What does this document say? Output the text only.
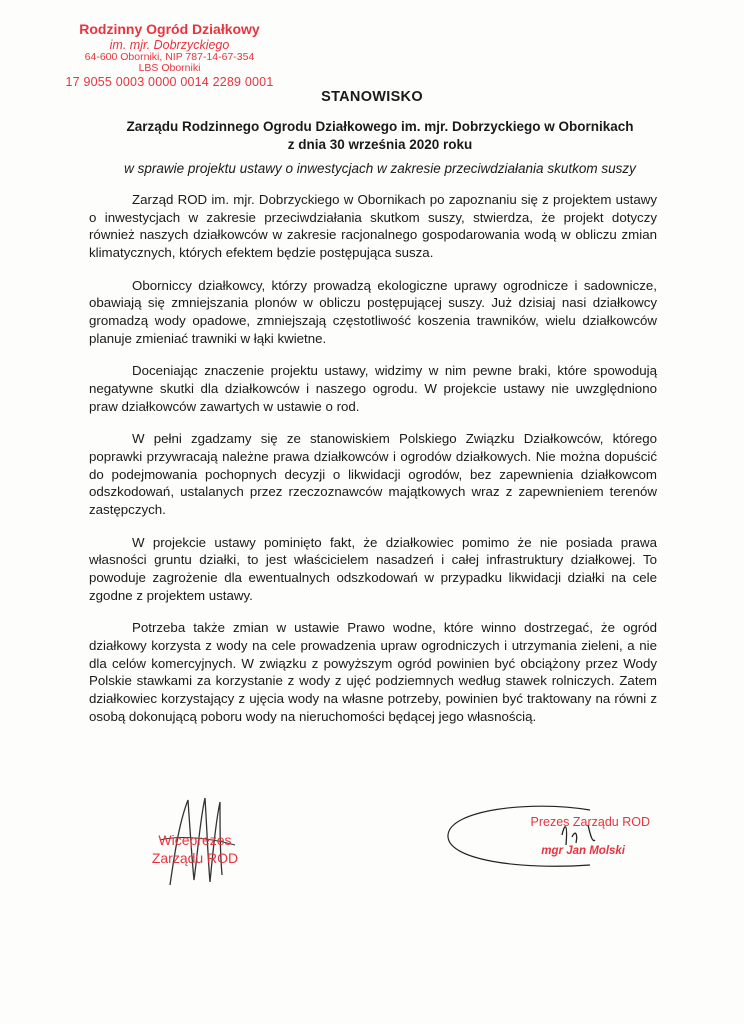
Rodzinny Ogród Działkowy
im. mjr. Dobrzyckiego
64-600 Oborniki, NIP 787-14-67-354
LBS Oborniki
17 9055 0003 0000 0014 2289 0001
STANOWISKO
Zarządu Rodzinnego Ogrodu Działkowego im. mjr. Dobrzyckiego w Obornikach
z dnia 30 września 2020 roku
w sprawie projektu ustawy o inwestycjach w zakresie przeciwdziałania skutkom suszy

Zarząd ROD im. mjr. Dobrzyckiego w Obornikach po zapoznaniu się z projektem ustawy o inwestycjach w zakresie przeciwdziałania skutkom suszy, stwierdza, że projekt dotyczy również naszych działkowców w zakresie racjonalnego gospodarowania wodą w obliczu zmian klimatycznych, których efektem będzie postępująca susza.

Oborniccy działkowcy, którzy prowadzą ekologiczne uprawy ogrodnicze i sadownicze, obawiają się zmniejszania plonów w obliczu postępującej suszy. Już dzisiaj nasi działkowcy gromadzą wody opadowe, zmniejszają częstotliwość koszenia trawników, wielu działkowców planuje zmieniać trawniki w łąki kwietne.

Doceniając znaczenie projektu ustawy, widzimy w nim pewne braki, które spowodują negatywne skutki dla działkowców i naszego ogrodu. W projekcie ustawy nie uwzględniono praw działkowców zawartych w ustawie o rod.

W pełni zgadzamy się ze stanowiskiem Polskiego Związku Działkowców, którego poprawki przywracają należne prawa działkowców i ogrodów działkowych. Nie można dopuścić do podejmowania pochopnych decyzji o likwidacji ogrodów, bez zapewnienia działkowcom odszkodowań, ustalanych przez rzeczoznawców majątkowych wraz z zapewnieniem terenów zastępczych.

W projekcie ustawy pominięto fakt, że działkowiec pomimo że nie posiada prawa własności gruntu działki, to jest właścicielem nasadzeń i całej infrastruktury działkowej. To powoduje zagrożenie dla ewentualnych odszkodowań w przypadku likwidacji działki na cele zgodne z projektem ustawy.

Potrzeba także zmian w ustawie Prawo wodne, które winno dostrzegać, że ogród działkowy korzysta z wody na cele prowadzenia upraw ogrodniczych i utrzymania zieleni, a nie dla celów komercyjnych. W związku z powyższym ogród powinien być obciążony przez Wody Polskie stawkami za korzystanie z wody z ujęć podziemnych według stawek rolniczych. Zatem działkowiec korzystający z ujęcia wody na własne potrzeby, powinien być traktowany na równi z osobą dokonującą poboru wody na nieruchomości będącej jego własnością.

Wiceprezes
Zarządu ROD
Prezes Zarządu ROD
mgr Jan Molski
